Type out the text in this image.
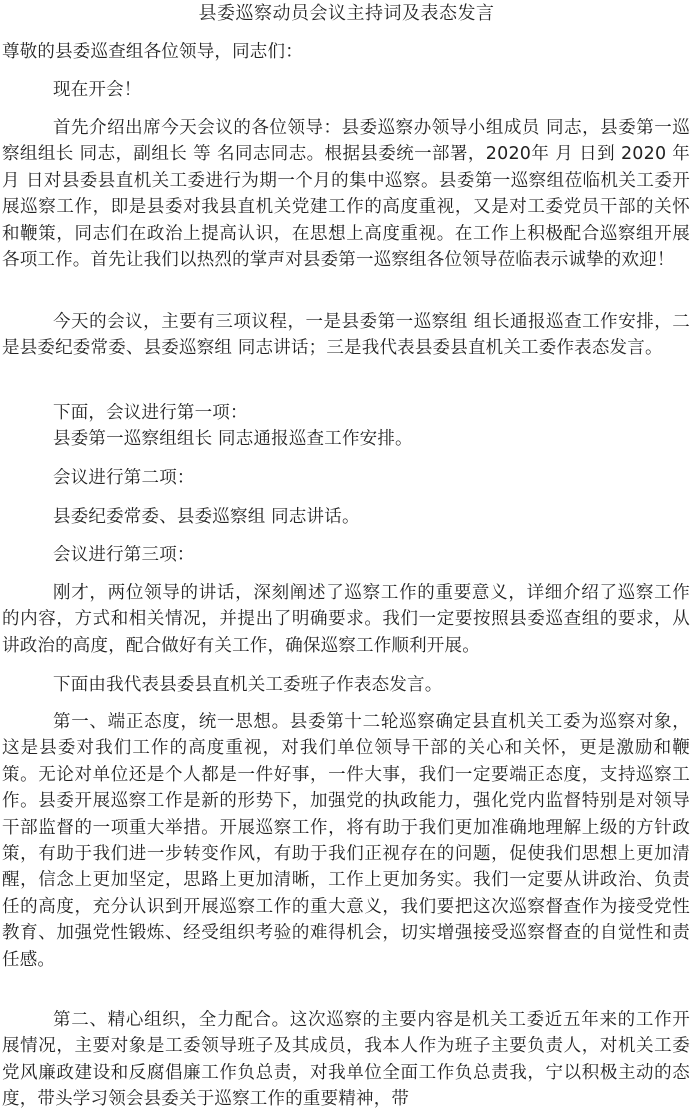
县委巡察动员会议主持词及表态发言

尊敬的县委巡查组各位领导，同志们：

现在开会！

首先介绍出席今天会议的各位领导：县委巡察办领导小组成员 同志，县委第一巡察组组长 同志，副组长 等 名同志同志。根据县委统一部署，2020年 月 日到 2020 年 月 日对县委县直机关工委进行为期一个月的集中巡察。县委第一巡察组莅临机关工委开展巡察工作，即是县委对我县直机关党建工作的高度重视，又是对工委党员干部的关怀和鞭策，同志们在政治上提高认识，在思想上高度重视。在工作上积极配合巡察组开展各项工作。首先让我们以热烈的掌声对县委第一巡察组各位领导莅临表示诚挚的欢迎！

今天的会议，主要有三项议程，一是县委第一巡察组 组长通报巡查工作安排，二是县委纪委常委、县委巡察组 同志讲话；三是我代表县委县直机关工委作表态发言。

下面，会议进行第一项：

县委第一巡察组组长 同志通报巡查工作安排。

会议进行第二项：

县委纪委常委、县委巡察组 同志讲话。

会议进行第三项：

刚才，两位领导的讲话，深刻阐述了巡察工作的重要意义，详细介绍了巡察工作的内容，方式和相关情况，并提出了明确要求。我们一定要按照县委巡查组的要求，从讲政治的高度，配合做好有关工作，确保巡察工作顺利开展。

下面由我代表县委县直机关工委班子作表态发言。

第一、端正态度，统一思想。县委第十二轮巡察确定县直机关工委为巡察对象，这是县委对我们工作的高度重视，对我们单位领导干部的关心和关怀，更是激励和鞭策。无论对单位还是个人都是一件好事，一件大事，我们一定要端正态度，支持巡察工作。县委开展巡察工作是新的形势下，加强党的执政能力，强化党内监督特别是对领导干部监督的一项重大举措。开展巡察工作，将有助于我们更加准确地理解上级的方针政策，有助于我们进一步转变作风，有助于我们正视存在的问题，促使我们思想上更加清醒，信念上更加坚定，思路上更加清晰，工作上更加务实。我们一定要从讲政治、负责任的高度，充分认识到开展巡察工作的重大意义，我们要把这次巡察督查作为接受党性教育、加强党性锻炼、经受组织考验的难得机会，切实增强接受巡察督查的自觉性和责任感。

第二、精心组织，全力配合。这次巡察的主要内容是机关工委近五年来的工作开展情况，主要对象是工委领导班子及其成员，我本人作为班子主要负责人，对机关工委党风廉政建设和反腐倡廉工作负总责，对我单位全面工作负总责我，宁以积极主动的态度，带头学习领会县委关于巡察工作的重要精神，带
